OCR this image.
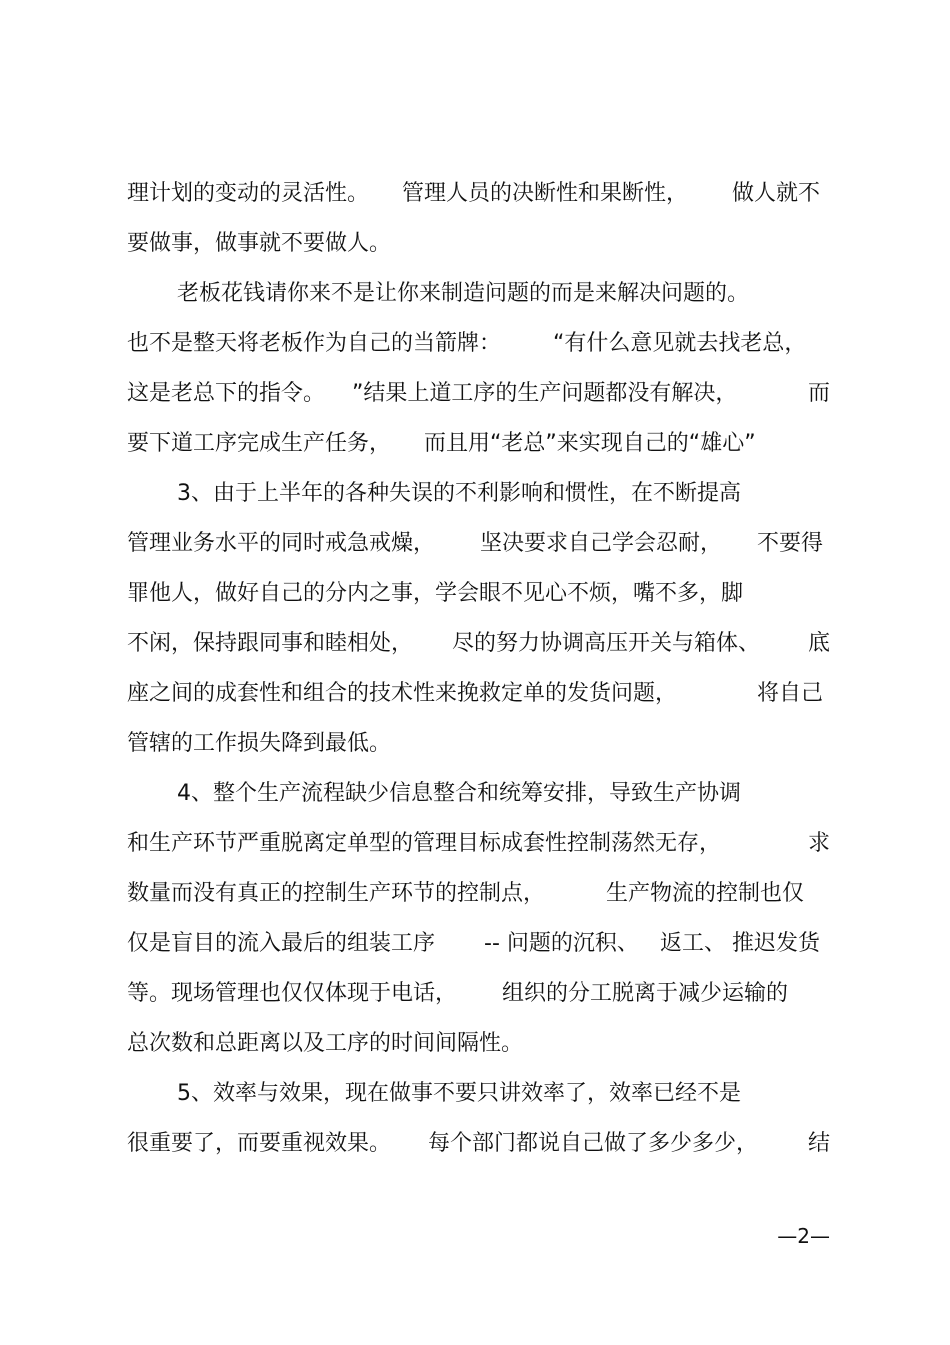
理计划的变动的灵活性。

管理人员的决断性和果断性，

做人就不

要做事，做事就不要做人。

老板花钱请你来不是让你来制造问题的而是来解决问题的。

也不是整天将老板作为自己的当箭牌：

“有什么意见就去找老总，

这是老总下的指令。

”结果上道工序的生产问题都没有解决，

	而

要下道工序完成生产任务，

而且用“老总”来实现自己的“雄心”

3、由于上半年的各种失误的不利影响和惯性，在不断提高

管理业务水平的同时戒急戒燥，

坚决要求自己学会忍耐，

不要得

罪他人，做好自己的分内之事，学会眼不见心不烦，嘴不多，脚

不闲，保持跟同事和睦相处，

尽的努力协调高压开关与箱体、

底

座之间的成套性和组合的技术性来挽救定单的发货问题，

	将自己

管辖的工作损失降到最低。

4、整个生产流程缺少信息整合和统筹安排，导致生产协调

和生产环节严重脱离定单型的管理目标成套性控制荡然无存，

	求

数量而没有真正的控制生产环节的控制点，

	生产物流的控制也仅

仅是盲目的流入最后的组装工序

-- 问题的沉积、

返工、

推迟发货

等。现场管理也仅仅体现于电话，

组织的分工脱离于减少运输的

总次数和总距离以及工序的时间间隔性。

5、效率与效果，现在做事不要只讲效率了，效率已经不是

很重要了，而要重视效果。

每个部门都说自己做了多少多少，

结

—2—
